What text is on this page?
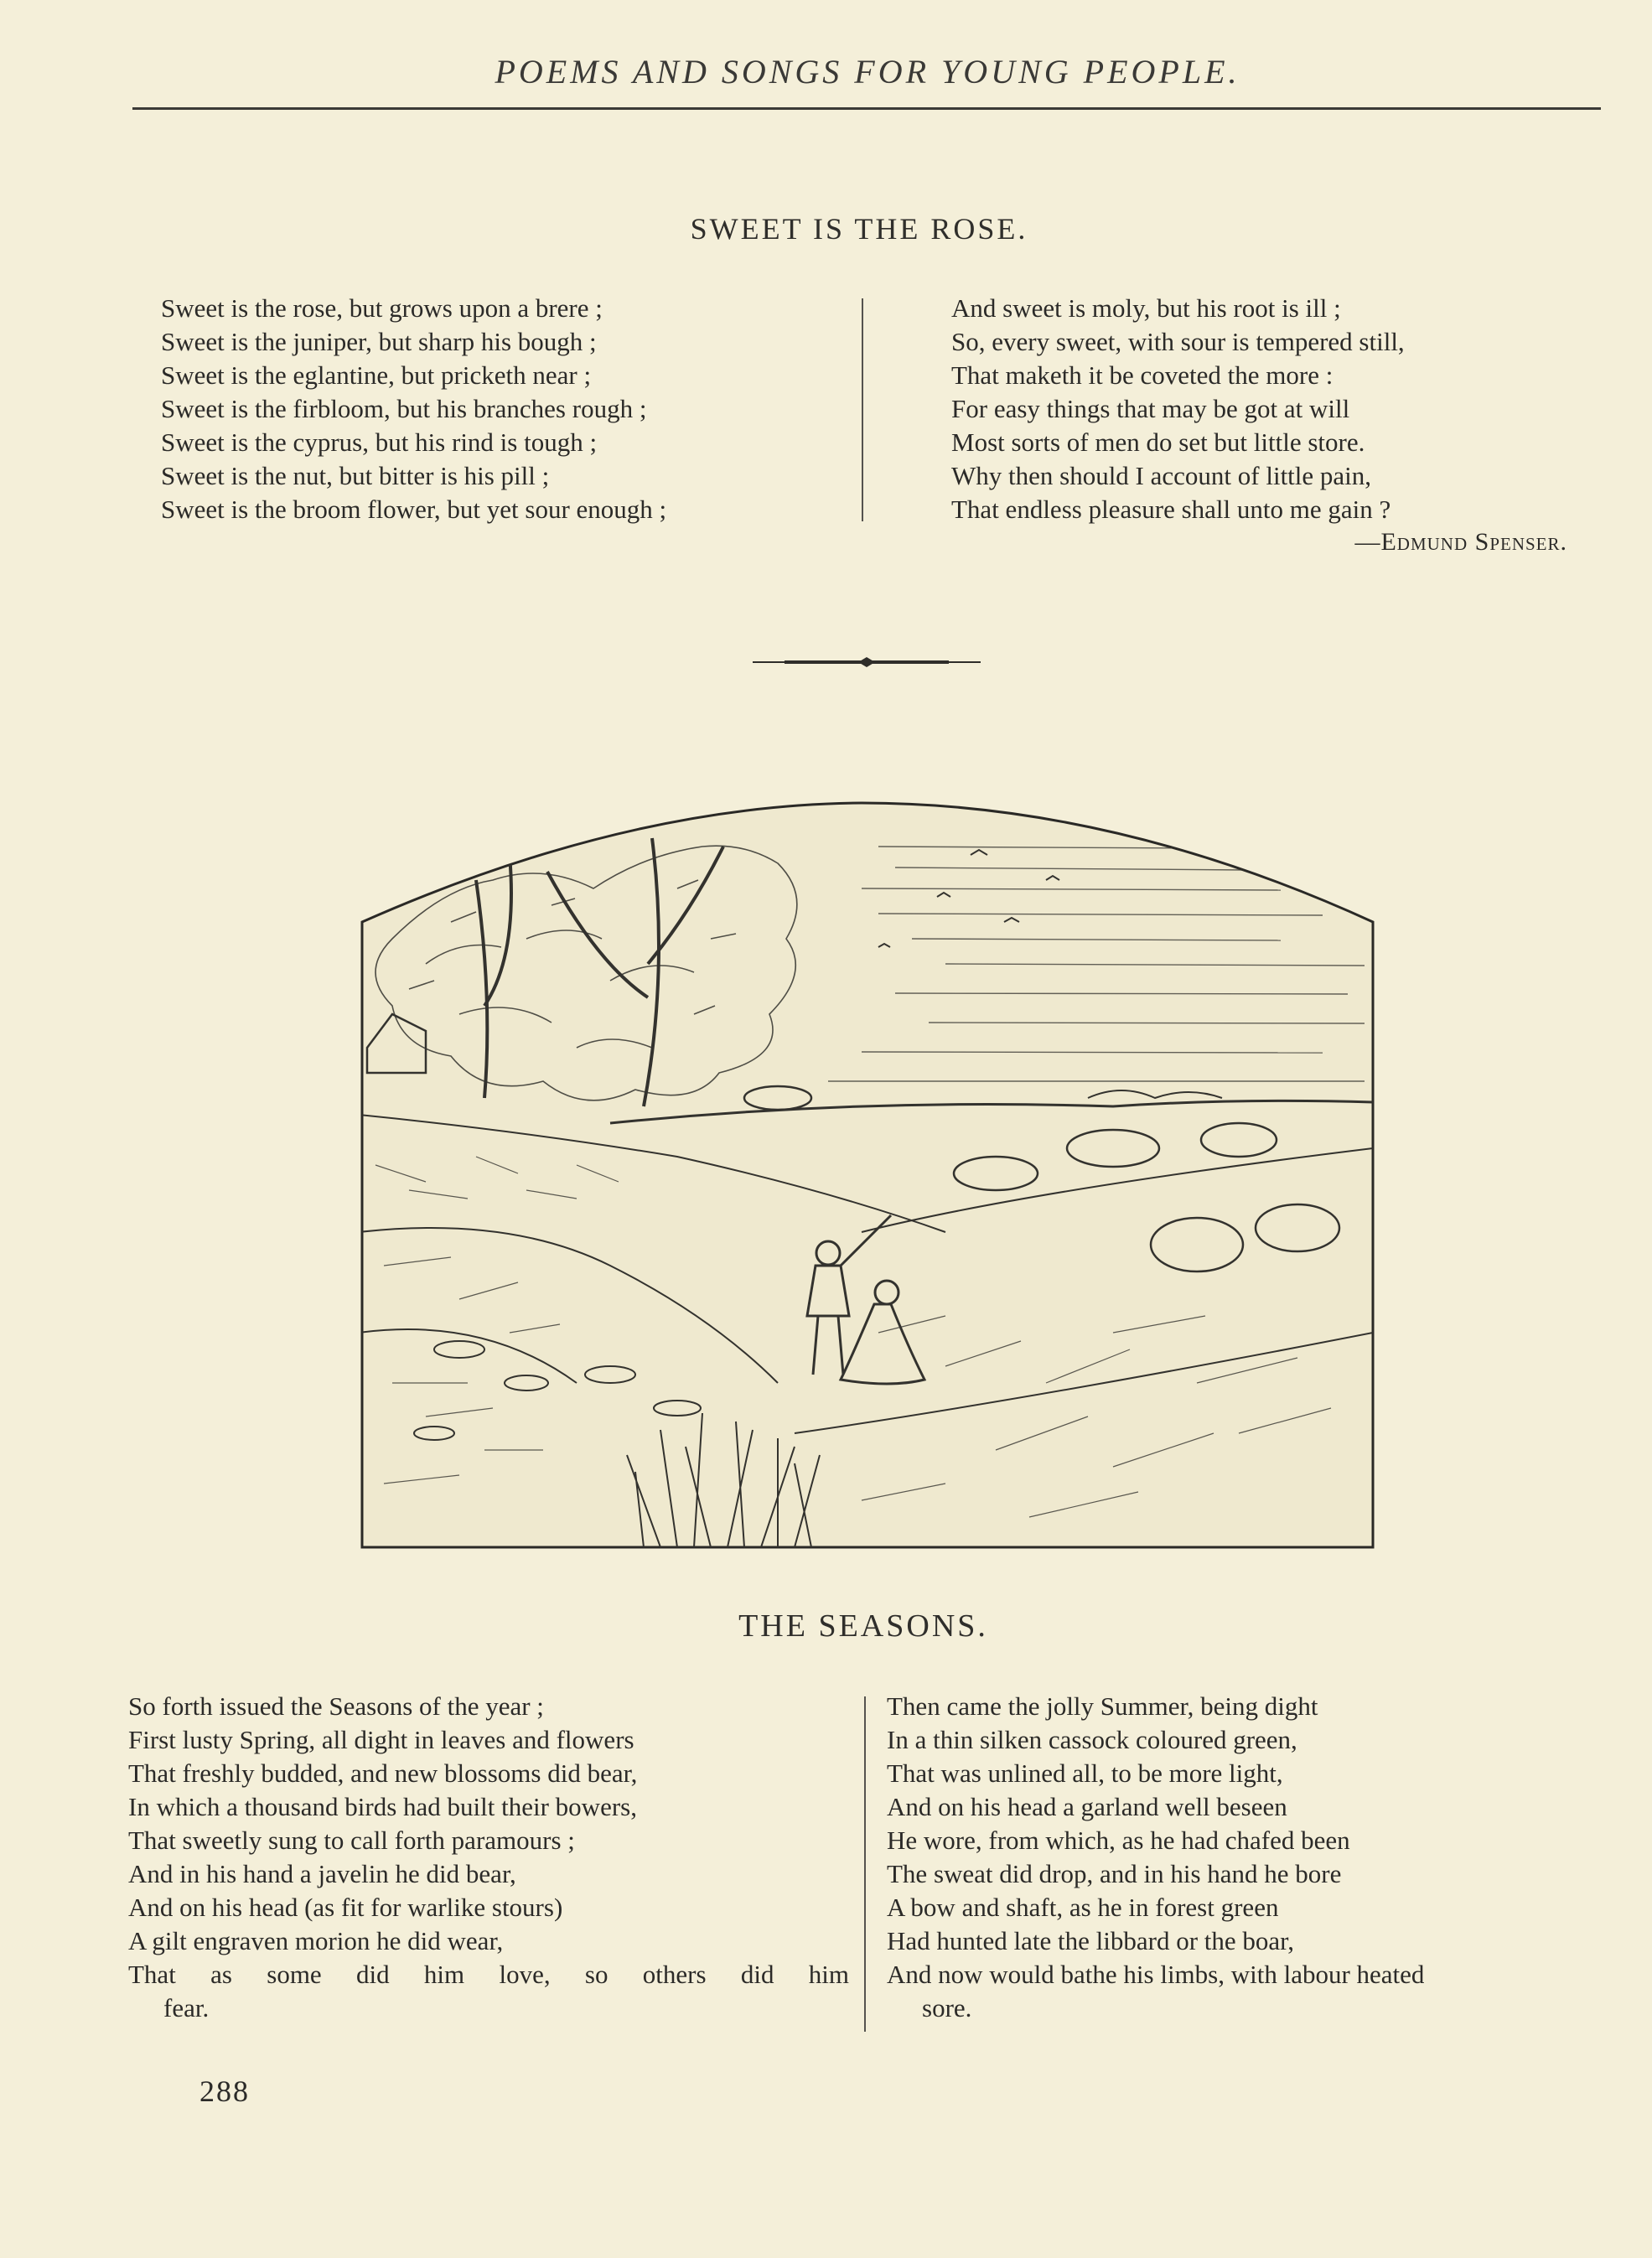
POEMS AND SONGS FOR YOUNG PEOPLE.
SWEET IS THE ROSE.
Sweet is the rose, but grows upon a brere ;
Sweet is the juniper, but sharp his bough ;
Sweet is the eglantine, but pricketh near ;
Sweet is the firbloom, but his branches rough ;
Sweet is the cyprus, but his rind is tough ;
Sweet is the nut, but bitter is his pill ;
Sweet is the broom flower, but yet sour enough ;
And sweet is moly, but his root is ill ;
So, every sweet, with sour is tempered still,
That maketh it be coveted the more :
For easy things that may be got at will
Most sorts of men do set but little store.
Why then should I account of little pain,
That endless pleasure shall unto me gain ?
—Edmund Spenser.
THE SEASONS.
So forth issued the Seasons of the year ;
First lusty Spring, all dight in leaves and flowers
That freshly budded, and new blossoms did bear,
In which a thousand birds had built their bowers,
That sweetly sung to call forth paramours ;
And in his hand a javelin he did bear,
And on his head (as fit for warlike stours)
A gilt engraven morion he did wear,
That as some did him love, so others did him
fear.
Then came the jolly Summer, being dight
In a thin silken cassock coloured green,
That was unlined all, to be more light,
And on his head a garland well beseen
He wore, from which, as he had chafed been
The sweat did drop, and in his hand he bore
A bow and shaft, as he in forest green
Had hunted late the libbard or the boar,
And now would bathe his limbs, with labour heated
sore.
288
